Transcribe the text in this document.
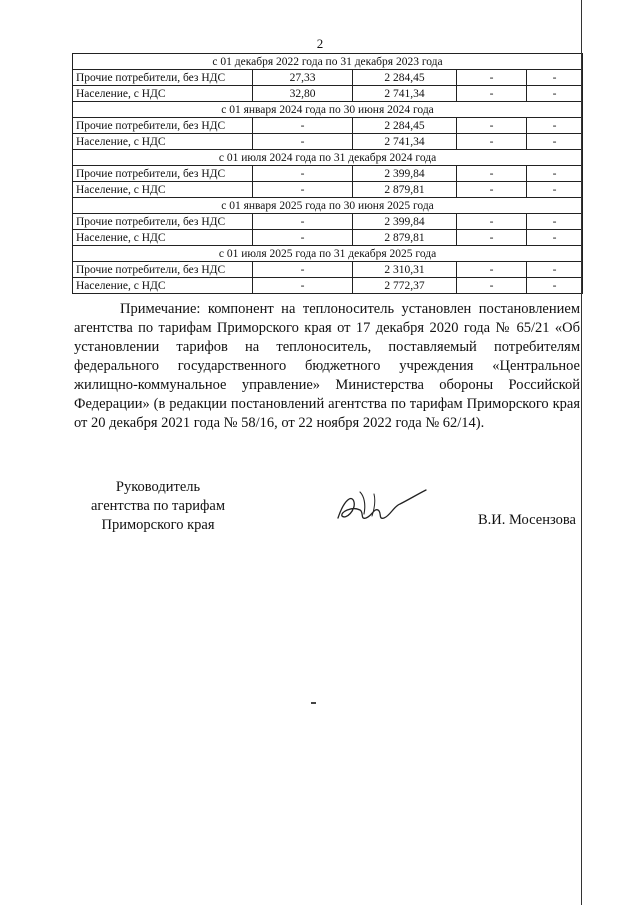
2
с 01 декабря 2022 года по 31 декабря 2023 года				
Прочие потребители, без НДС	27,33	2 284,45	-	-
Население, с НДС	32,80	2 741,34	-	-
с 01 января 2024 года по 30 июня 2024 года				
Прочие потребители, без НДС	-	2 284,45	-	-
Население, с НДС	-	2 741,34	-	-
с 01 июля 2024 года по 31 декабря 2024 года				
Прочие потребители, без НДС	-	2 399,84	-	-
Население, с НДС	-	2 879,81	-	-
с 01 января 2025 года по 30 июня 2025 года				
Прочие потребители, без НДС	-	2 399,84	-	-
Население, с НДС	-	2 879,81	-	-
с 01 июля 2025 года по 31 декабря 2025 года				
Прочие потребители, без НДС	-	2 310,31	-	-
Население, с НДС	-	2 772,37	-	-

Примечание: компонент на теплоноситель установлен постановлением агентства по тарифам Приморского края от 17 декабря 2020 года № 65/21 «Об установлении тарифов на теплоноситель, поставляемый потребителям федерального государственного бюджетного учреждения «Центральное жилищно-коммунальное управление» Министерства обороны Российской Федерации» (в редакции постановлений агентства по тарифам Приморского края от 20 декабря 2021 года № 58/16, от 22 ноября 2022 года № 62/14).

Руководитель
агентства по тарифам
Приморского края	В.И. Мосензова
